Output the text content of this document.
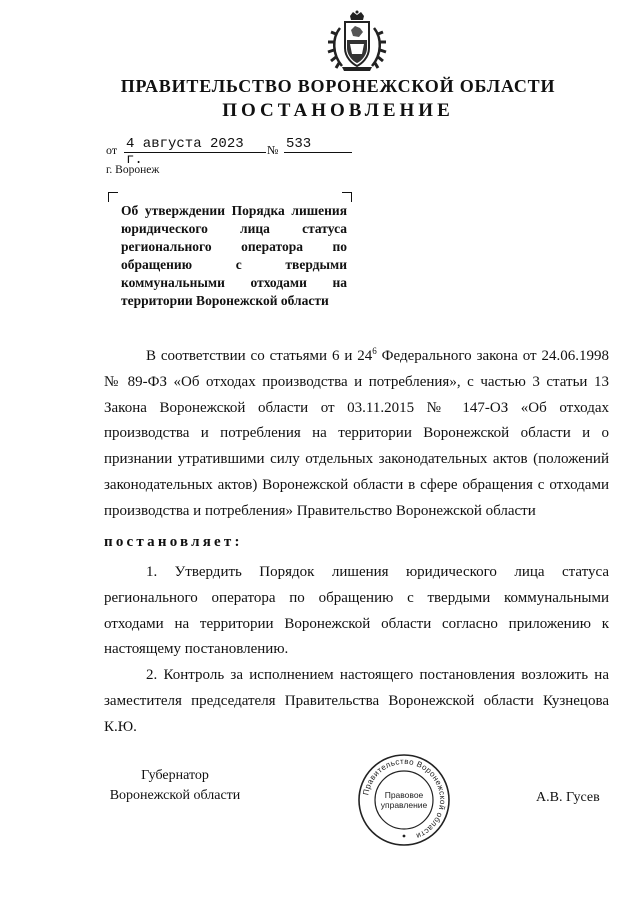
ПРАВИТЕЛЬСТВО ВОРОНЕЖСКОЙ ОБЛАСТИ
ПОСТАНОВЛЕНИЕ
от 4 августа 2023 г.
№ 533
г. Воронеж
Об утверждении Порядка лишения юридического лица статуса регионального оператора по обращению с твердыми коммунальными отходами на территории Воронежской области
В соответствии со статьями 6 и $24^6$ Федерального закона от 24.06.1998 № 89-ФЗ «Об отходах производства и потребления», с частью 3 статьи 13 Закона Воронежской области от 03.11.2015 № 147-ОЗ «Об отходах производства и потребления на территории Воронежской области и о признании утратившими силу отдельных законодательных актов (положений законодательных актов) Воронежской области в сфере обращения с отходами производства и потребления» Правительство Воронежской области
постановляет:
1. Утвердить Порядок лишения юридического лица статуса регионального оператора по обращению с твердыми коммунальными отходами на территории Воронежской области согласно приложению к настоящему постановлению.
2. Контроль за исполнением настоящего постановления возложить на заместителя председателя Правительства Воронежской области Кузнецова К.Ю.
Губернатор
Воронежской области	Правительство Воронежской области
Правовое
управление	А.В. Гусев
